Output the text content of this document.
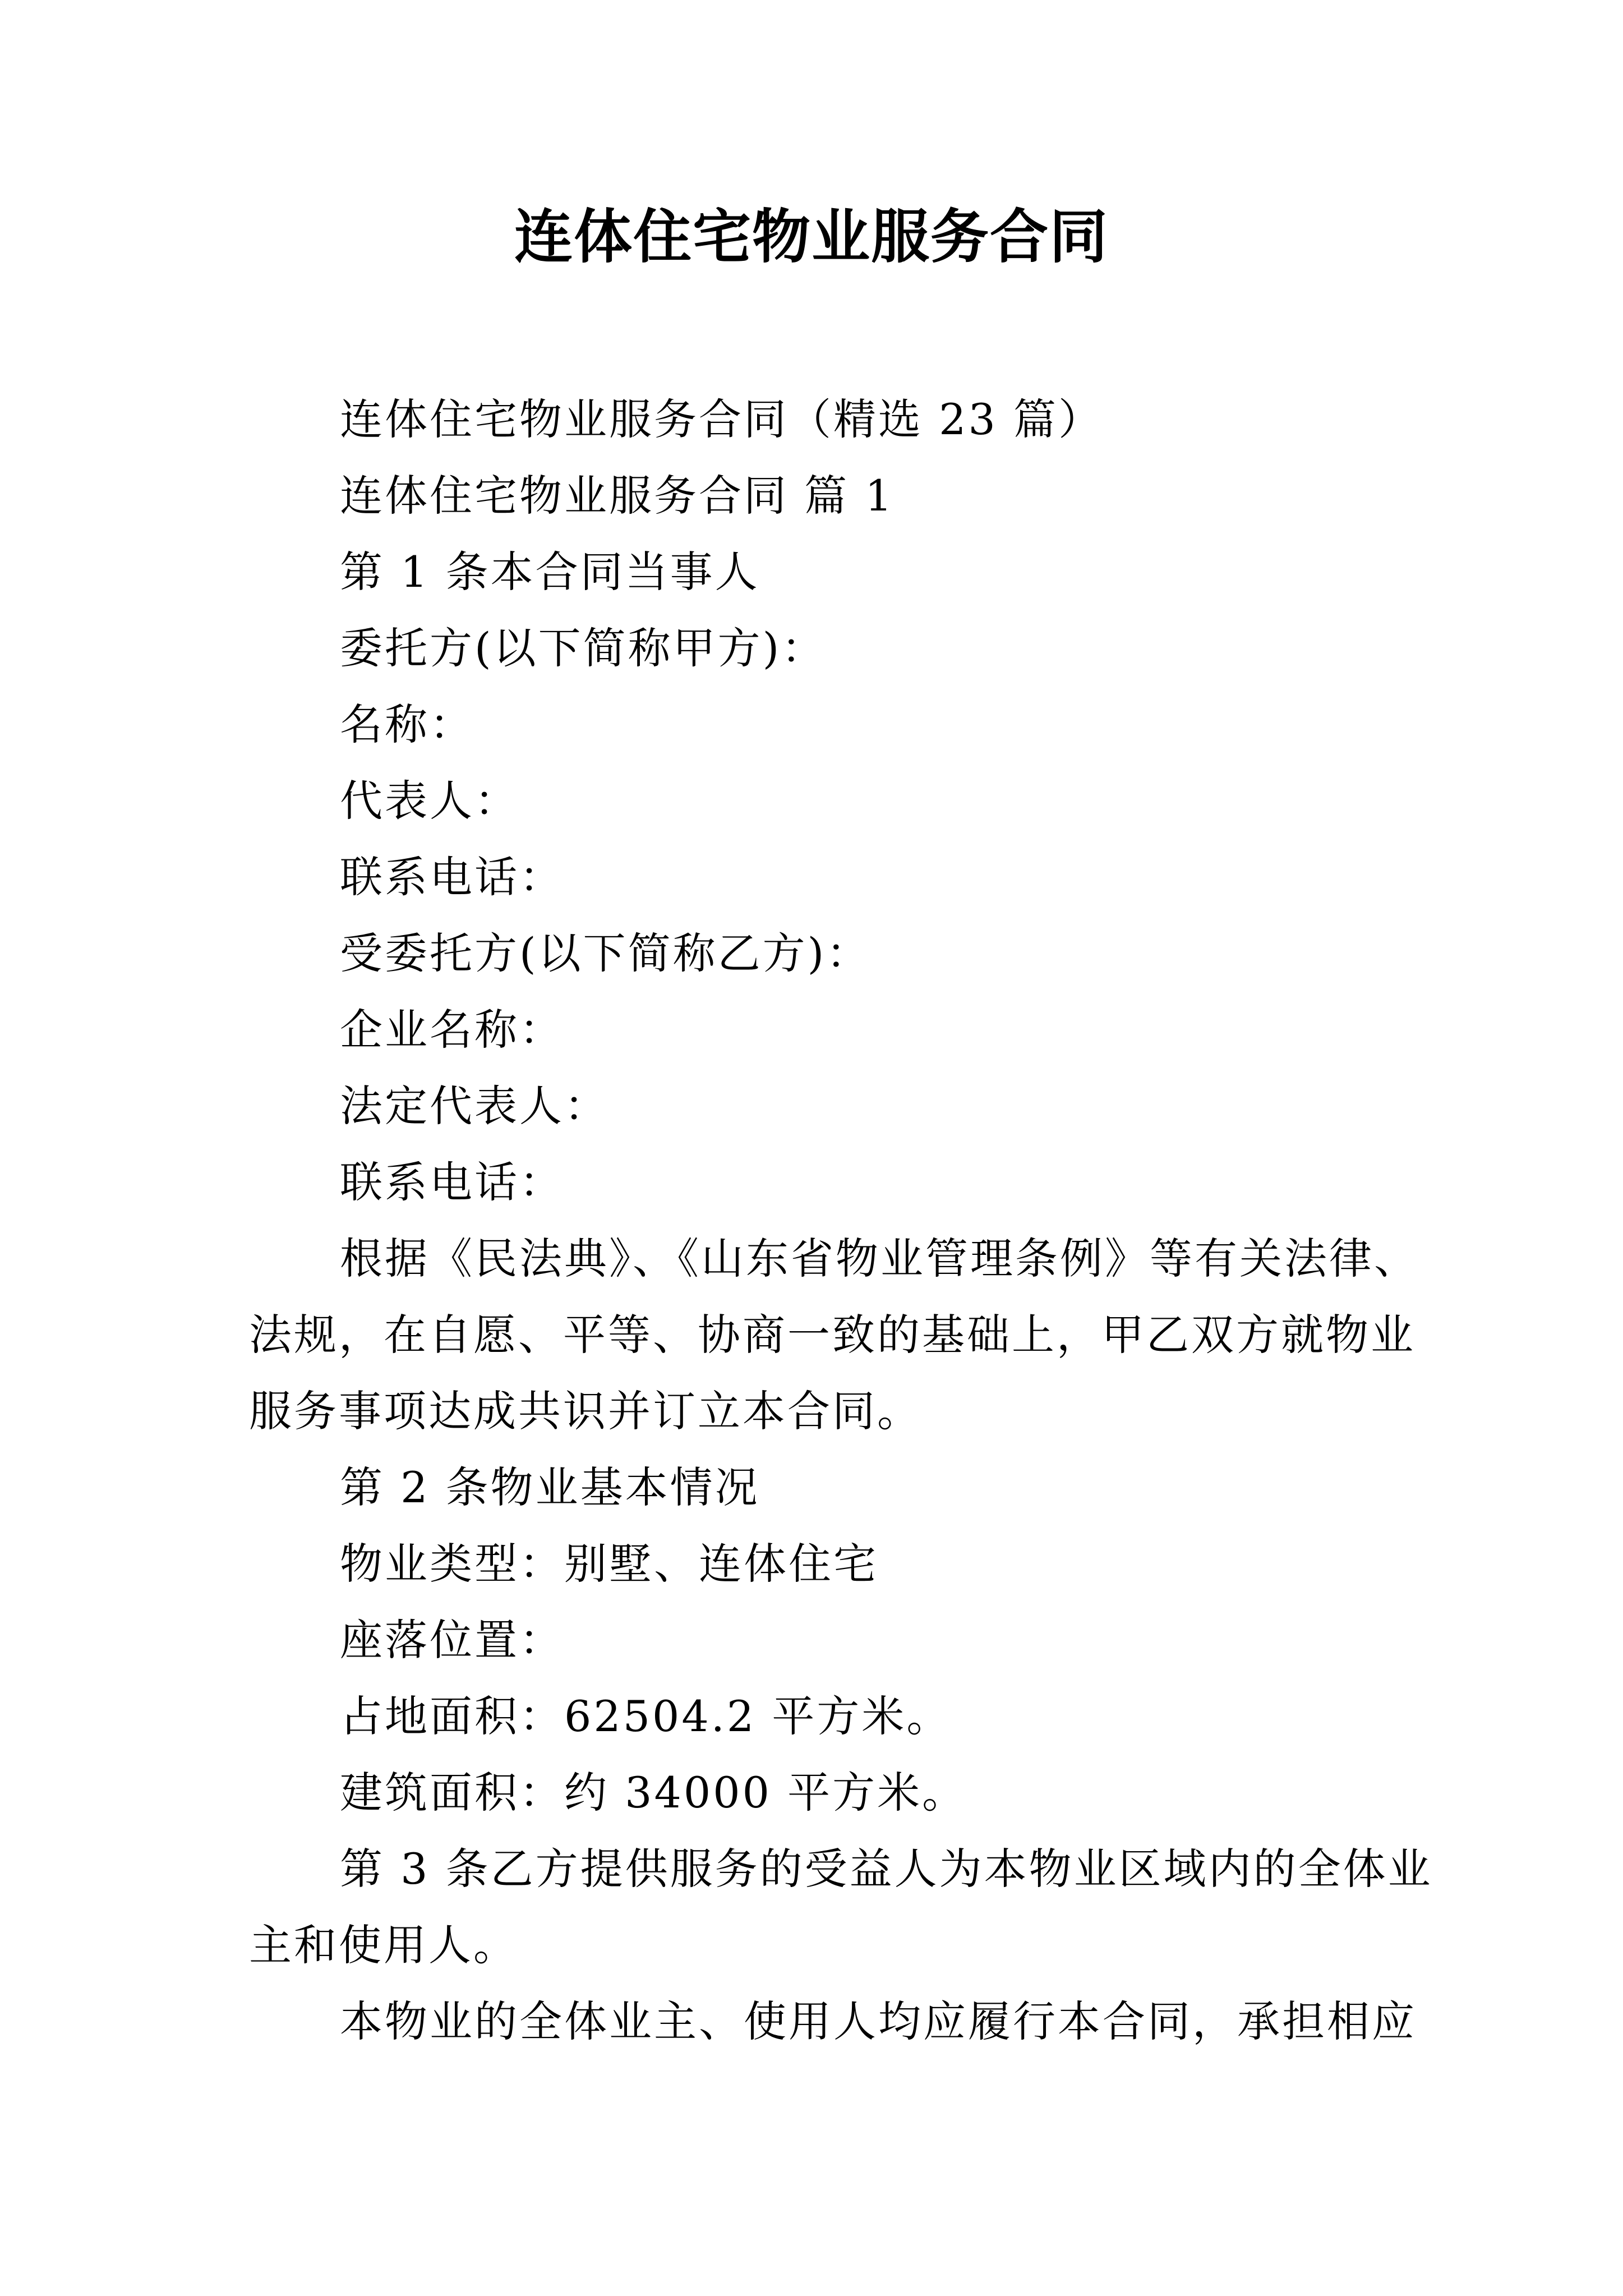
连体住宅物业服务合同
连体住宅物业服务合同（精选 23 篇）
连体住宅物业服务合同 篇 1
第 1 条本合同当事人
委托方(以下简称甲方)：
名称：
代表人：
联系电话：
受委托方(以下简称乙方)：
企业名称：
法定代表人：
联系电话：
根据《民法典》、《山东省物业管理条例》等有关法律、
法规，在自愿、平等、协商一致的基础上，甲乙双方就物业
服务事项达成共识并订立本合同。
第 2 条物业基本情况
物业类型：别墅、连体住宅
座落位置：
占地面积：62504.2 平方米。
建筑面积：约 34000 平方米。
第 3 条乙方提供服务的受益人为本物业区域内的全体业
主和使用人。
本物业的全体业主、使用人均应履行本合同，承担相应
